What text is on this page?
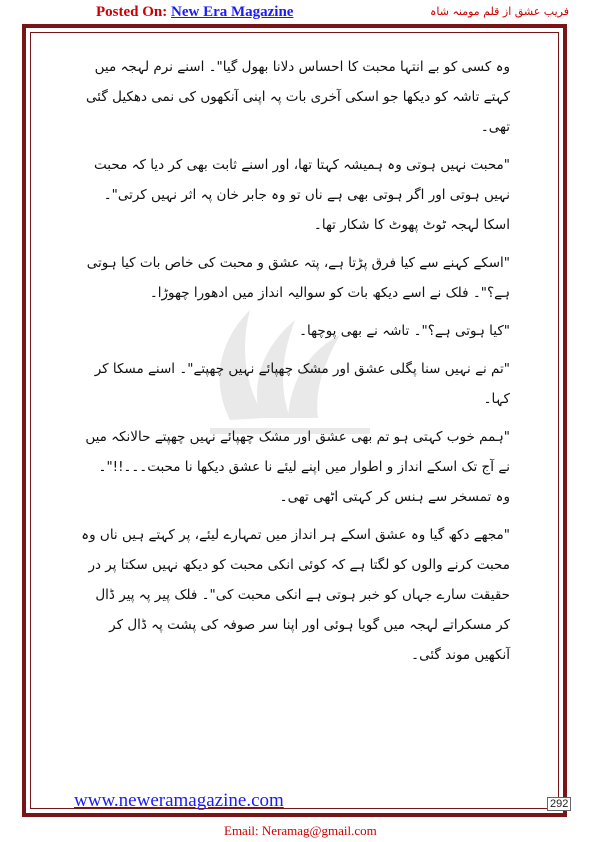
Posted On: New Era Magazine	فریب عشق از قلم مومنہ شاہ

وہ کسی کو بے انتہا محبت کا احساس دلانا بھول گیا"۔ اسنے نرم لہجہ میں کہتے تاشہ کو دیکھا جو اسکی آخری بات پہ اپنی آنکھوں کی نمی دھکیل گئی تھی۔

"محبت نہیں ہوتی وہ ہمیشہ کہتا تھا، اور اسنے ثابت بھی کر دیا کہ محبت نہیں ہوتی اور اگر ہوتی بھی ہے ناں تو وہ جابر خان پہ اثر نہیں کرتی"۔ اسکا لہجہ ٹوٹ پھوٹ کا شکار تھا۔

"اسکے کہنے سے کیا فرق پڑتا ہے، پتہ عشق و محبت کی خاص بات کیا ہوتی ہے؟"۔ فلک نے اسے دیکھ بات کو سوالیہ انداز میں ادھورا چھوڑا۔

"کیا ہوتی ہے؟"۔ تاشہ نے بھی پوچھا۔

"تم نے نہیں سنا پگلی عشق اور مشک چھپائے نہیں چھپتے"۔ اسنے مسکا کر کہا۔

"ہمم خوب کہتی ہو تم بھی عشق اور مشک چھپائے نہیں چھپتے حالانکہ میں نے آج تک اسکے انداز و اطوار میں اپنے لیئے نا عشق دیکھا نا محبت۔۔۔!!"۔ وہ تمسخر سے ہنس کر کہتی اٹھی تھی۔

"مجھے دکھ گیا وہ عشق اسکے ہر انداز میں تمہارے لیئے، پر کہتے ہیں ناں وہ محبت کرنے والوں کو لگتا ہے کہ کوئی انکی محبت کو دیکھ نہیں سکتا پر در حقیقت سارے جہاں کو خبر ہوتی ہے انکی محبت کی"۔ فلک پیر پہ پیر ڈال کر مسکراتے لہجہ میں گویا ہوئی اور اپنا سر صوفہ کی پشت پہ ڈال کر آنکھیں موند گئی۔

www.neweramagazine.com	292
Email: Neramag@gmail.com
